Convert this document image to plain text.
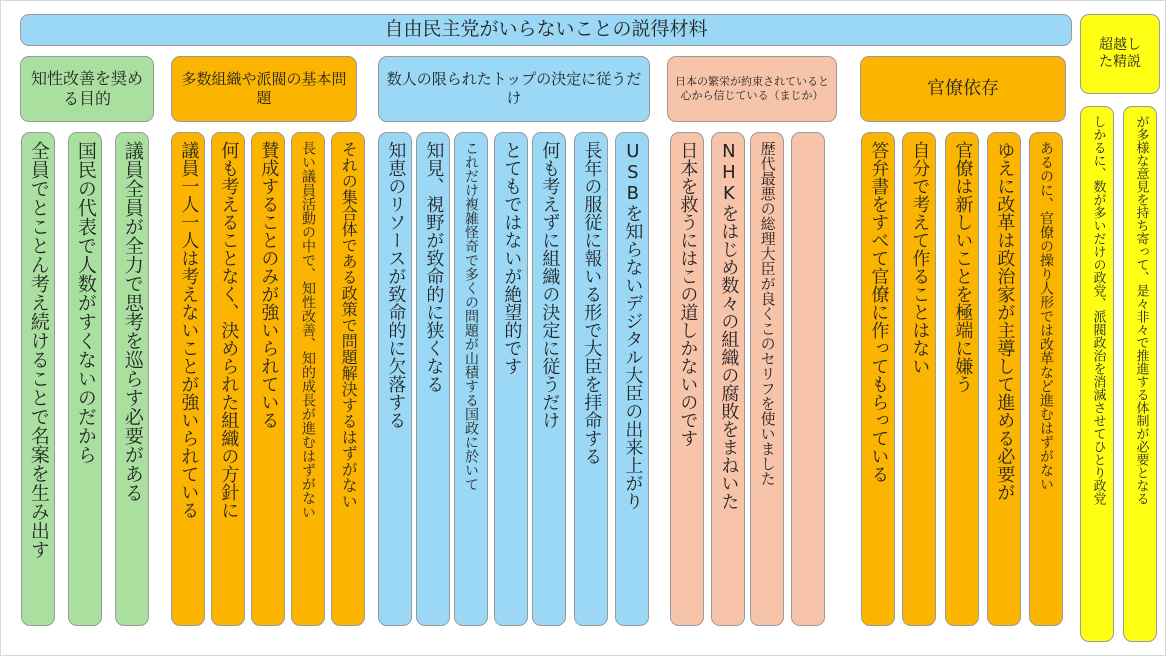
自由民主党がいらないことの説得材料
知性改善を奨める目的
全員でとことん考え続けることで名案を生み出す 国民の代表で人数がすくないのだから 議員全員が全力で思考を巡らす必要がある
多数組織や派閥の基本問題
議員一人一人は考えないことが強いられている 何も考えることなく、決められた組織の方針に 賛成することのみが強いられている 長い議員活動の中で、知性改善、知的成長が進むはずがない それの集合体である政策で問題解決するはずがない
数人の限られたトップの決定に従うだけ
知恵のリソースが致命的に欠落する 知見、視野が致命的に狭くなる これだけ複雑怪奇で多くの問題が山積する国政に於いて とてもではないが絶望的です 何も考えずに組織の決定に従うだけ 長年の服従に報いる形で大臣を拝命する USBを知らないデジタル大臣の出来上がり
日本の繁栄が約束されていると心から信じている（まじか）
日本を救うにはこの道しかないのです NHKをはじめ数々の組織の腐敗をまねいた 歴代最悪の総理大臣が良くこのセリフを使いました
官僚依存
答弁書をすべて官僚に作ってもらっている 自分で考えて作ることはない 官僚は新しいことを極端に嫌う ゆえに改革は政治家が主導して進める必要が あるのに、官僚の操り人形では改革など進むはずがない
超越した精説
しかるに、数が多いだけの政党、派閥政治を消滅させてひとり政党 が多様な意見を持ち寄って、是々非々で推進する体制が必要となる
